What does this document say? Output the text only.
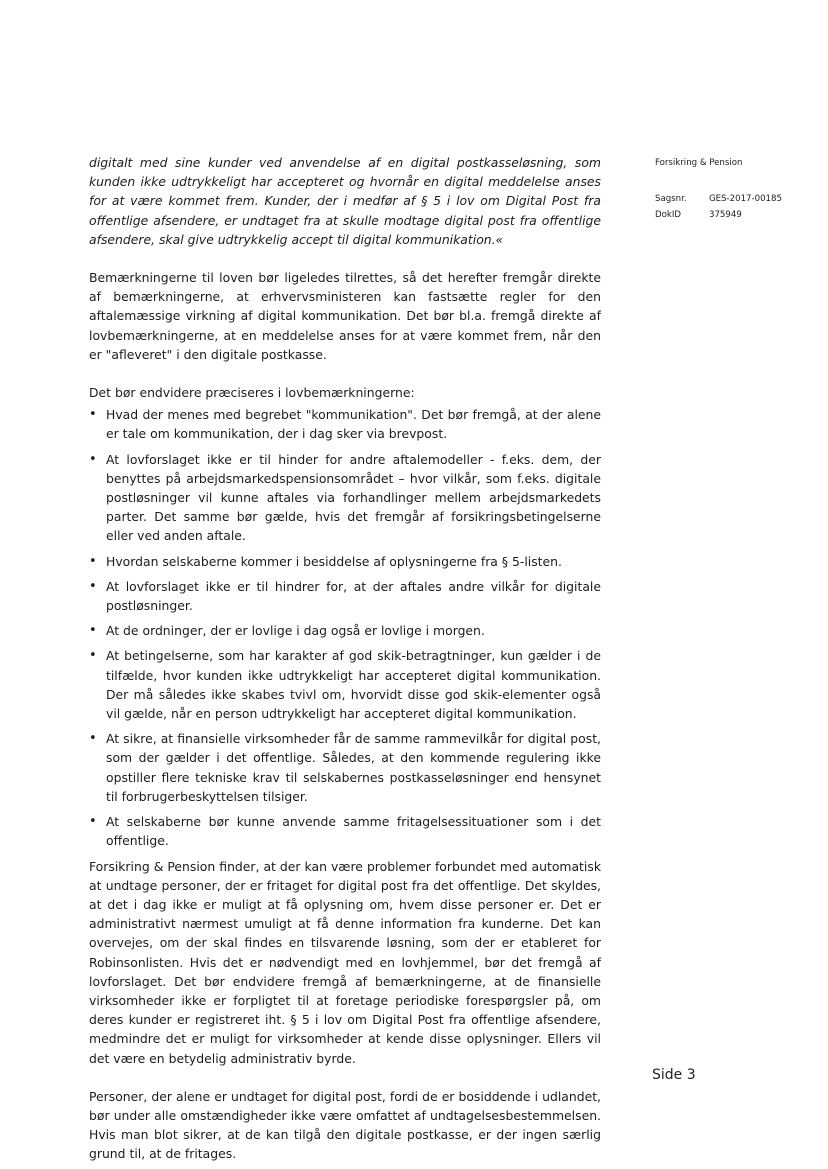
digitalt med sine kunder ved anvendelse af en digital postkasseløsning, som kunden ikke udtrykkeligt har accepteret og hvornår en digital meddelelse anses for at være kommet frem. Kunder, der i medfør af § 5 i lov om Digital Post fra offentlige afsendere, er undtaget fra at skulle modtage digital post fra offentlige afsendere, skal give udtrykkelig accept til digital kommunikation.«

Bemærkningerne til loven bør ligeledes tilrettes, så det herefter fremgår direkte af bemærkningerne, at erhvervsministeren kan fastsætte regler for den aftalemæssige virkning af digital kommunikation. Det bør bl.a. fremgå direkte af lovbemærkningerne, at en meddelelse anses for at være kommet frem, når den er "afleveret" i den digitale postkasse.

Det bør endvidere præciseres i lovbemærkningerne:

• Hvad der menes med begrebet "kommunikation". Det bør fremgå, at der alene er tale om kommunikation, der i dag sker via brevpost.
• At lovforslaget ikke er til hinder for andre aftalemodeller - f.eks. dem, der benyttes på arbejdsmarkedspensionsområdet – hvor vilkår, som f.eks. digitale postløsninger vil kunne aftales via forhandlinger mellem arbejdsmarkedets parter. Det samme bør gælde, hvis det fremgår af forsikringsbetingelserne eller ved anden aftale.
• Hvordan selskaberne kommer i besiddelse af oplysningerne fra § 5-listen.
• At lovforslaget ikke er til hindrer for, at der aftales andre vilkår for digitale postløsninger.
• At de ordninger, der er lovlige i dag også er lovlige i morgen.
• At betingelserne, som har karakter af god skik-betragtninger, kun gælder i de tilfælde, hvor kunden ikke udtrykkeligt har accepteret digital kommunikation. Der må således ikke skabes tvivl om, hvorvidt disse god skik-elementer også vil gælde, når en person udtrykkeligt har accepteret digital kommunikation.
• At sikre, at finansielle virksomheder får de samme rammevilkår for digital post, som der gælder i det offentlige. Således, at den kommende regulering ikke opstiller flere tekniske krav til selskabernes postkasseløsninger end hensynet til forbrugerbeskyttelsen tilsiger.
• At selskaberne bør kunne anvende samme fritagelsessituationer som i det offentlige.

Forsikring & Pension finder, at der kan være problemer forbundet med automatisk at undtage personer, der er fritaget for digital post fra det offentlige. Det skyldes, at det i dag ikke er muligt at få oplysning om, hvem disse personer er. Det er administrativt nærmest umuligt at få denne information fra kunderne. Det kan overvejes, om der skal findes en tilsvarende løsning, som der er etableret for Robinsonlisten. Hvis det er nødvendigt med en lovhjemmel, bør det fremgå af lovforslaget. Det bør endvidere fremgå af bemærkningerne, at de finansielle virksomheder ikke er forpligtet til at foretage periodiske forespørgsler på, om deres kunder er registreret iht. § 5 i lov om Digital Post fra offentlige afsendere, medmindre det er muligt for virksomheder at kende disse oplysninger. Ellers vil det være en betydelig administrativ byrde.

Personer, der alene er undtaget for digital post, fordi de er bosiddende i udlandet, bør under alle omstændigheder ikke være omfattet af undtagelsesbestemmelsen. Hvis man blot sikrer, at de kan tilgå den digitale postkasse, er der ingen særlig grund til, at de fritages.

Forsikring & Pension
Sagsnr.	GES-2017-00185
DokID	375949
Side 3
